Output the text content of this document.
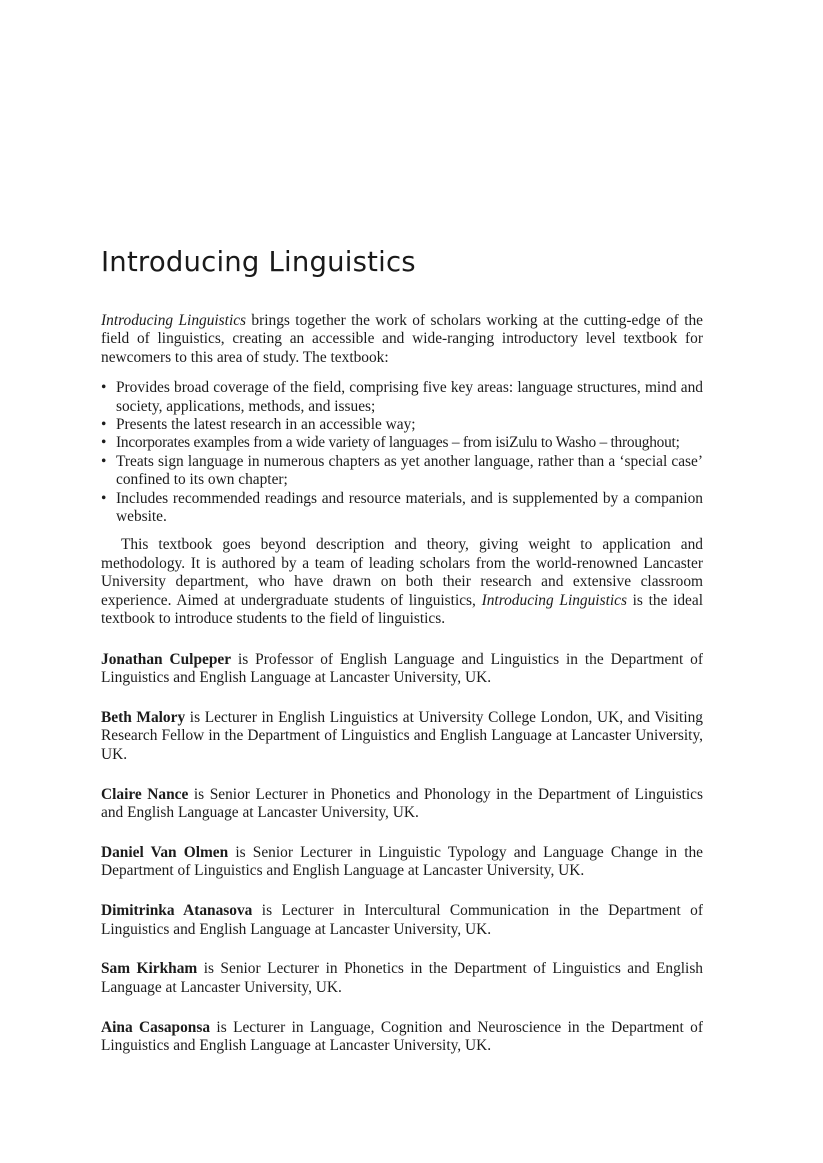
Introducing Linguistics

Introducing Linguistics brings together the work of scholars working at the cutting-edge of the field of linguistics, creating an accessible and wide-ranging introductory level textbook for newcomers to this area of study. The textbook:

• Provides broad coverage of the field, comprising five key areas: language structures, mind and society, applications, methods, and issues;
• Presents the latest research in an accessible way;
• Incorporates examples from a wide variety of languages – from isiZulu to Washo – throughout;
• Treats sign language in numerous chapters as yet another language, rather than a ‘special case’ confined to its own chapter;
• Includes recommended readings and resource materials, and is supplemented by a companion website.

This textbook goes beyond description and theory, giving weight to application and methodology. It is authored by a team of leading scholars from the world-renowned Lancaster University department, who have drawn on both their research and extensive classroom experience. Aimed at undergraduate students of linguistics, Introducing Linguistics is the ideal textbook to introduce students to the field of linguistics.

Jonathan Culpeper is Professor of English Language and Linguistics in the Department of Linguistics and English Language at Lancaster University, UK.

Beth Malory is Lecturer in English Linguistics at University College London, UK, and Visiting Research Fellow in the Department of Linguistics and English Language at Lancaster University, UK.

Claire Nance is Senior Lecturer in Phonetics and Phonology in the Department of Linguistics and English Language at Lancaster University, UK.

Daniel Van Olmen is Senior Lecturer in Linguistic Typology and Language Change in the Department of Linguistics and English Language at Lancaster University, UK.

Dimitrinka Atanasova is Lecturer in Intercultural Communication in the Department of Linguistics and English Language at Lancaster University, UK.

Sam Kirkham is Senior Lecturer in Phonetics in the Department of Linguistics and English Language at Lancaster University, UK.

Aina Casaponsa is Lecturer in Language, Cognition and Neuroscience in the Department of Linguistics and English Language at Lancaster University, UK.
